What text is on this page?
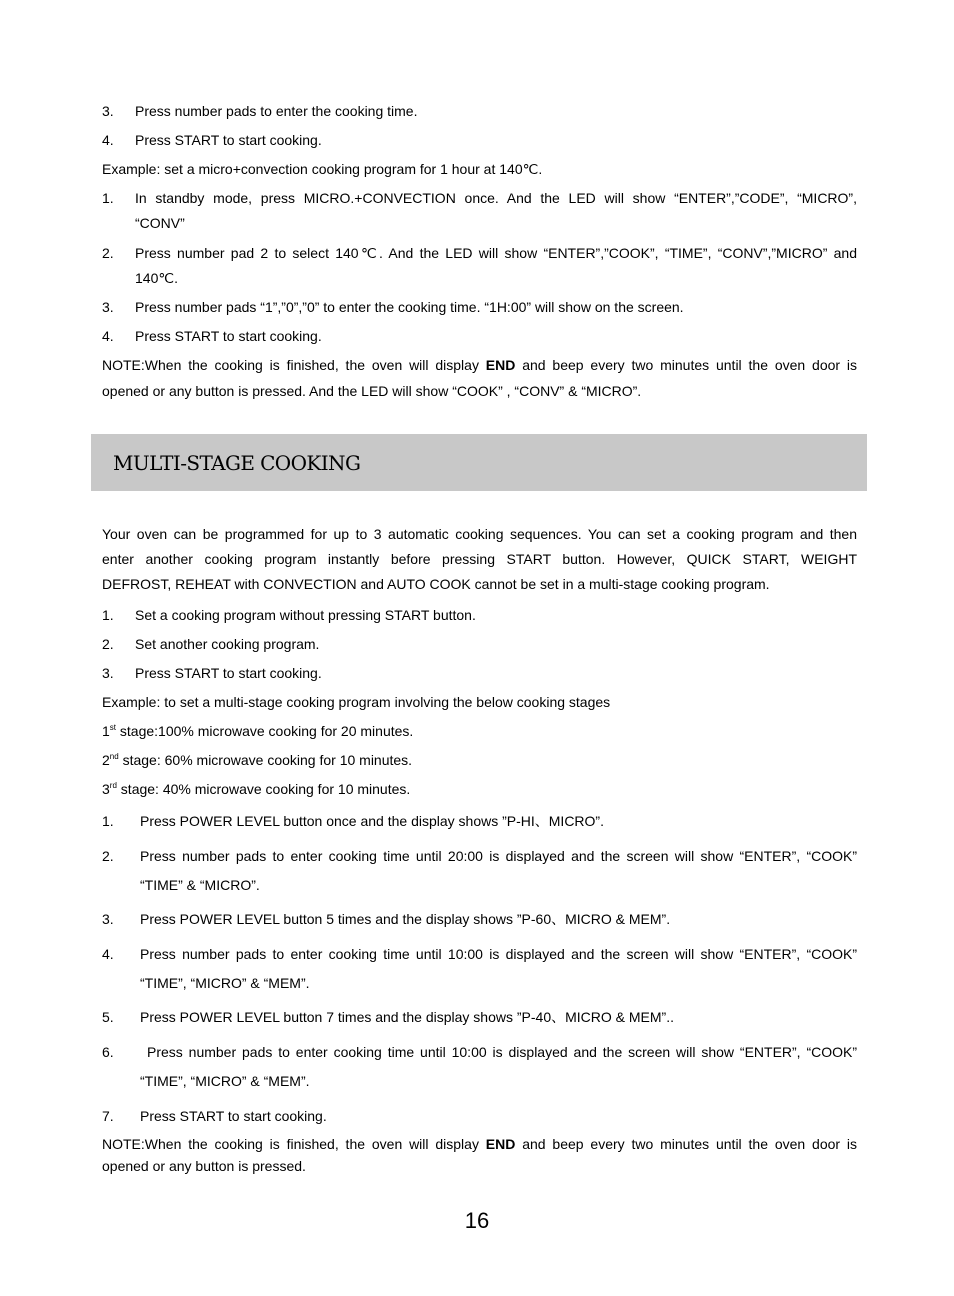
3. Press number pads to enter the cooking time.
4. Press START to start cooking.
Example: set a micro+convection cooking program for 1 hour at 140℃.
1. In standby mode, press MICRO.+CONVECTION once. And the LED will show “ENTER”,”CODE”, “MICRO”,
“CONV”
2. Press number pad 2 to select 140℃. And the LED will show “ENTER”,”COOK”, “TIME”, “CONV”,”MICRO” and
140℃.
3. Press number pads “1”,”0”,”0” to enter the cooking time. “1H:00” will show on the screen.
4. Press START to start cooking.
NOTE:When the cooking is finished, the oven will display END and beep every two minutes until the oven door is
opened or any button is pressed. And the LED will show “COOK” , “CONV” & “MICRO”.
MULTI-STAGE COOKING
Your oven can be programmed for up to 3 automatic cooking sequences. You can set a cooking program and then
enter another cooking program instantly before pressing START button. However, QUICK START, WEIGHT
DEFROST, REHEAT with CONVECTION and AUTO COOK cannot be set in a multi-stage cooking program.
1. Set a cooking program without pressing START button.
2. Set another cooking program.
3. Press START to start cooking.
Example: to set a multi-stage cooking program involving the below cooking stages
1st stage:100% microwave cooking for 20 minutes.
2nd stage: 60% microwave cooking for 10 minutes.
3rd stage: 40% microwave cooking for 10 minutes.
1. Press POWER LEVEL button once and the display shows ”P-HI、MICRO”.
2. Press number pads to enter cooking time until 20:00 is displayed and the screen will show “ENTER”, “COOK”
“TIME” & “MICRO”.
3. Press POWER LEVEL button 5 times and the display shows ”P-60、MICRO & MEM”.
4. Press number pads to enter cooking time until 10:00 is displayed and the screen will show “ENTER”, “COOK”
“TIME”, “MICRO” & “MEM”.
5. Press POWER LEVEL button 7 times and the display shows ”P-40、MICRO & MEM”..
6. Press number pads to enter cooking time until 10:00 is displayed and the screen will show “ENTER”, “COOK”
“TIME”, “MICRO” & “MEM”.
7. Press START to start cooking.
NOTE:When the cooking is finished, the oven will display END and beep every two minutes until the oven door is
opened or any button is pressed.
16
